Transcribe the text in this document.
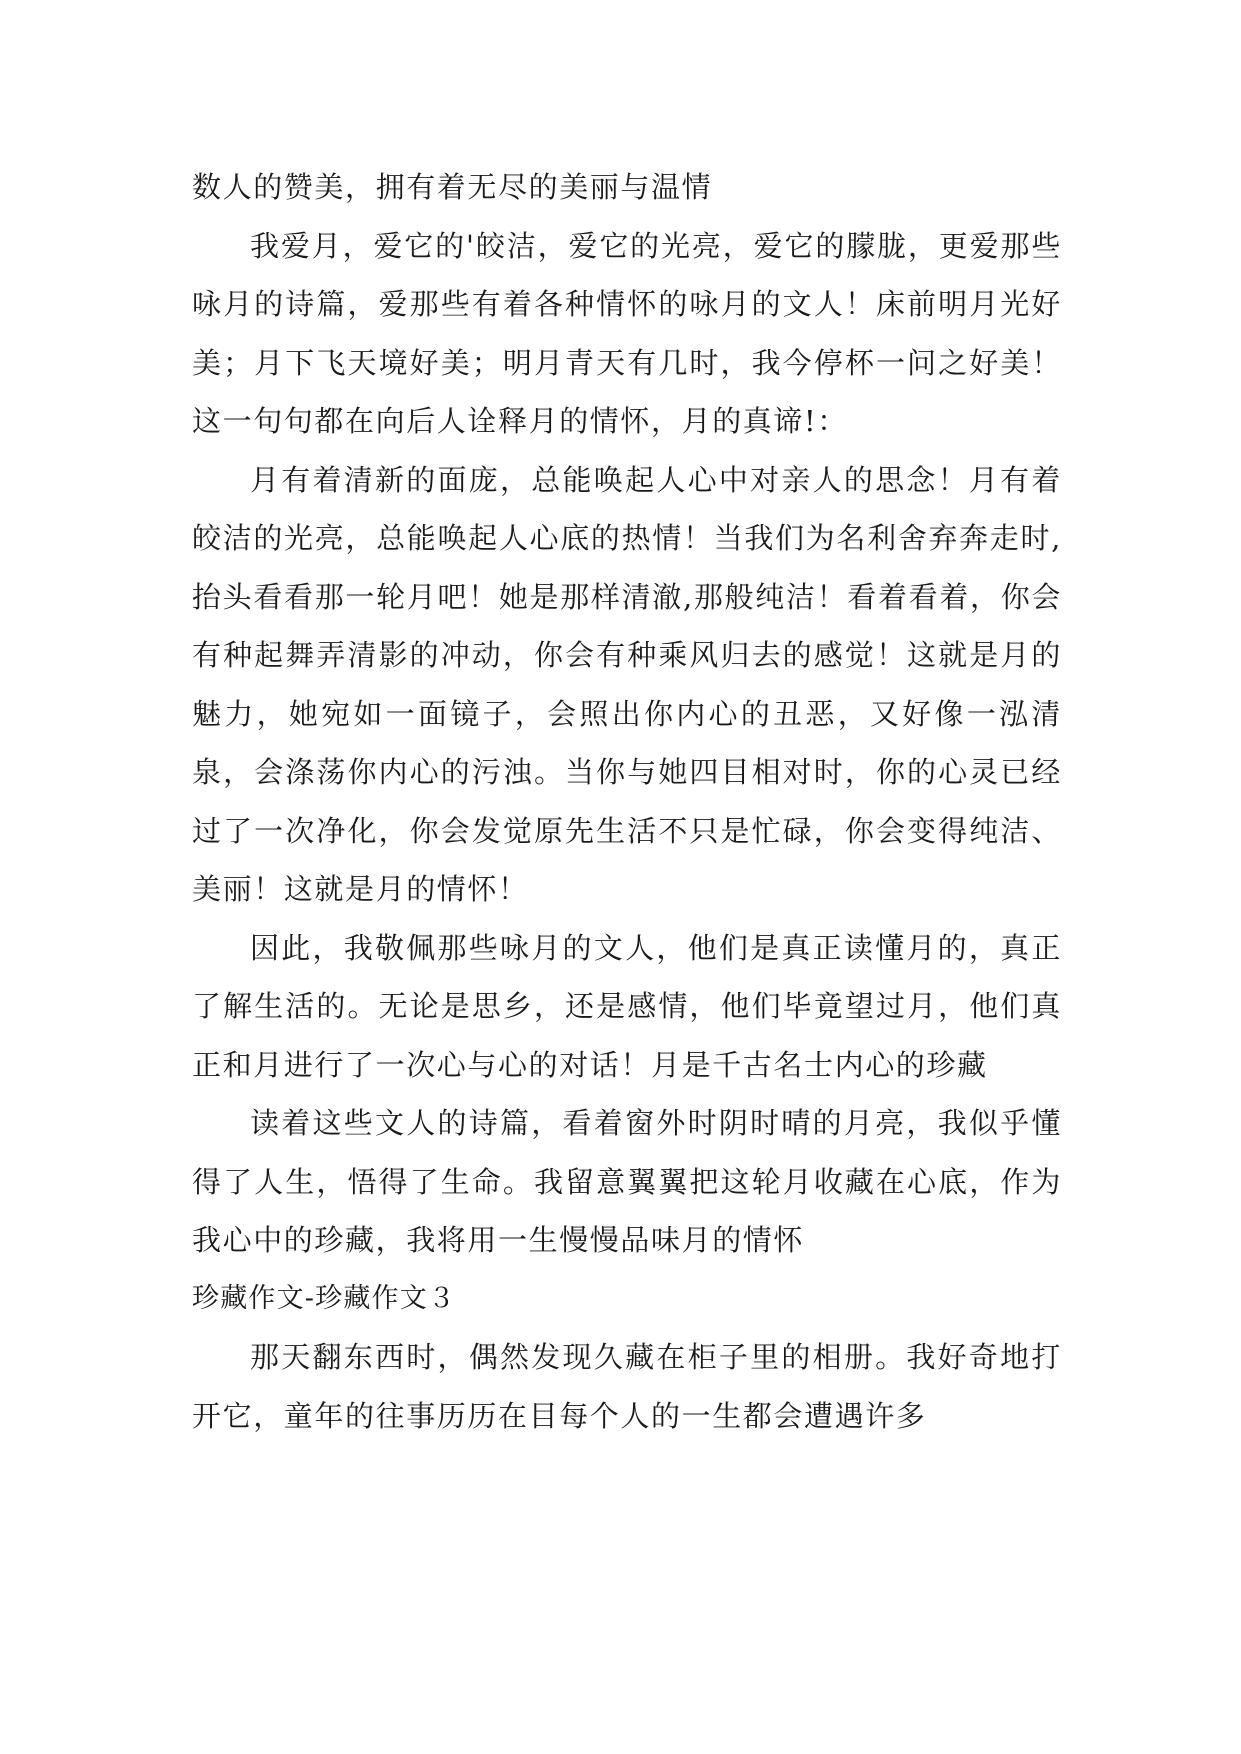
数人的赞美，拥有着无尽的美丽与温情

我爱月，爱它的'皎洁，爱它的光亮，爱它的朦胧，更爱那些咏月的诗篇，爱那些有着各种情怀的咏月的文人！床前明月光好美；月下飞天境好美；明月青天有几时，我今停杯一问之好美！这一句句都在向后人诠释月的情怀，月的真谛!：

月有着清新的面庞，总能唤起人心中对亲人的思念！月有着皎洁的光亮，总能唤起人心底的热情！当我们为名利舍弃奔走时,抬头看看那一轮月吧！她是那样清澈,那般纯洁！看着看着，你会有种起舞弄清影的冲动，你会有种乘风归去的感觉！这就是月的魅力，她宛如一面镜子，会照出你内心的丑恶，又好像一泓清泉，会涤荡你内心的污浊。当你与她四目相对时，你的心灵已经过了一次净化，你会发觉原先生活不只是忙碌，你会变得纯洁、美丽！这就是月的情怀！

因此，我敬佩那些咏月的文人，他们是真正读懂月的，真正了解生活的。无论是思乡，还是感情，他们毕竟望过月，他们真正和月进行了一次心与心的对话！月是千古名士内心的珍藏

读着这些文人的诗篇，看着窗外时阴时晴的月亮，我似乎懂得了人生，悟得了生命。我留意翼翼把这轮月收藏在心底，作为我心中的珍藏，我将用一生慢慢品味月的情怀

珍藏作文-珍藏作文３

那天翻东西时，偶然发现久藏在柜子里的相册。我好奇地打开它，童年的往事历历在目每个人的一生都会遭遇许多
